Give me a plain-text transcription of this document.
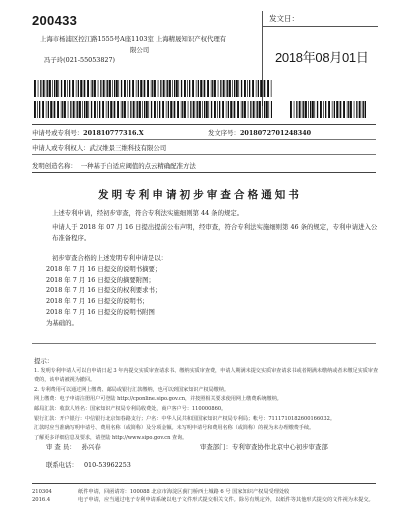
200433
上海市杨浦区控江路1555号A座1103室 上海精晟知识产权代理有
限公司
冯子玲(021-55053827)
发文日：
2018年08月01日
申请号或专利号：201810777316.X	发文序号：2018072701248340
申请人或专利权人：武汉维景三维科技有限公司
发明创造名称： 一种基于自适应阈值的点云精确配准方法
发明专利申请初步审查合格通知书
上述专利申请，经初步审查，符合专利法实施细则第 44 条的规定。
申请人于 2018 年 07 月 16 日提出提前公布声明，经审查，符合专利法实施细则第 46 条的规定，专利申请进入公布准备程序。
初步审查合格的上述发明专利申请是以：
2018 年 7 月 16 日提交的说明书摘要；
2018 年 7 月 16 日提交的摘要附图；
2018 年 7 月 16 日提交的权利要求书；
2018 年 7 月 16 日提交的说明书；
2018 年 7 月 16 日提交的说明书附图
为基础的。
提示：
1. 发明专利申请人可以自申请日起 3 年内提交实质审查请求书、缴纳实质审查费，申请人期满未提交实质审查请求书或者期满未缴纳或者未缴足实质审查费的，该申请被视为撤回。
2. 专利费用可以通过网上缴费、邮局或银行汇款缴纳，也可以到国家知识产权局缴纳。
网上缴费：电子申请注册用户可登陆 http://cponline.sipo.gov.cn，并按照相关要求使用网上缴费系统缴纳。
邮局汇款：收款人姓名：国家知识产权局专利局收费处，商户客户号：110000860。
银行汇款：开户银行：中信银行北京知春路支行；户名：中华人民共和国国家知识产权局专利局；帐号：7111710182600166032。
汇款时应当准确写明申请号、费用名称（或简称）及分项金额。未写明申请号和费用名称（或简称）的视为未办理缴费手续。
了解更多详细信息及要求，请登陆 http://www.sipo.gov.cn 查询。
审 查 员： 孙兴春	审查部门：专利审查协作北京中心初步审查部
联系电话： 010-53962253
210304
2016.4
纸件申请，回函请寄：100088 北京市海淀区蓟门桥西土城路 6 号 国家知识产权局受理处收
电子申请，应当通过电子专利申请系统以电子文件形式提交相关文件。除另有规定外，以纸件等其他形式提交的文件视为未提交。
